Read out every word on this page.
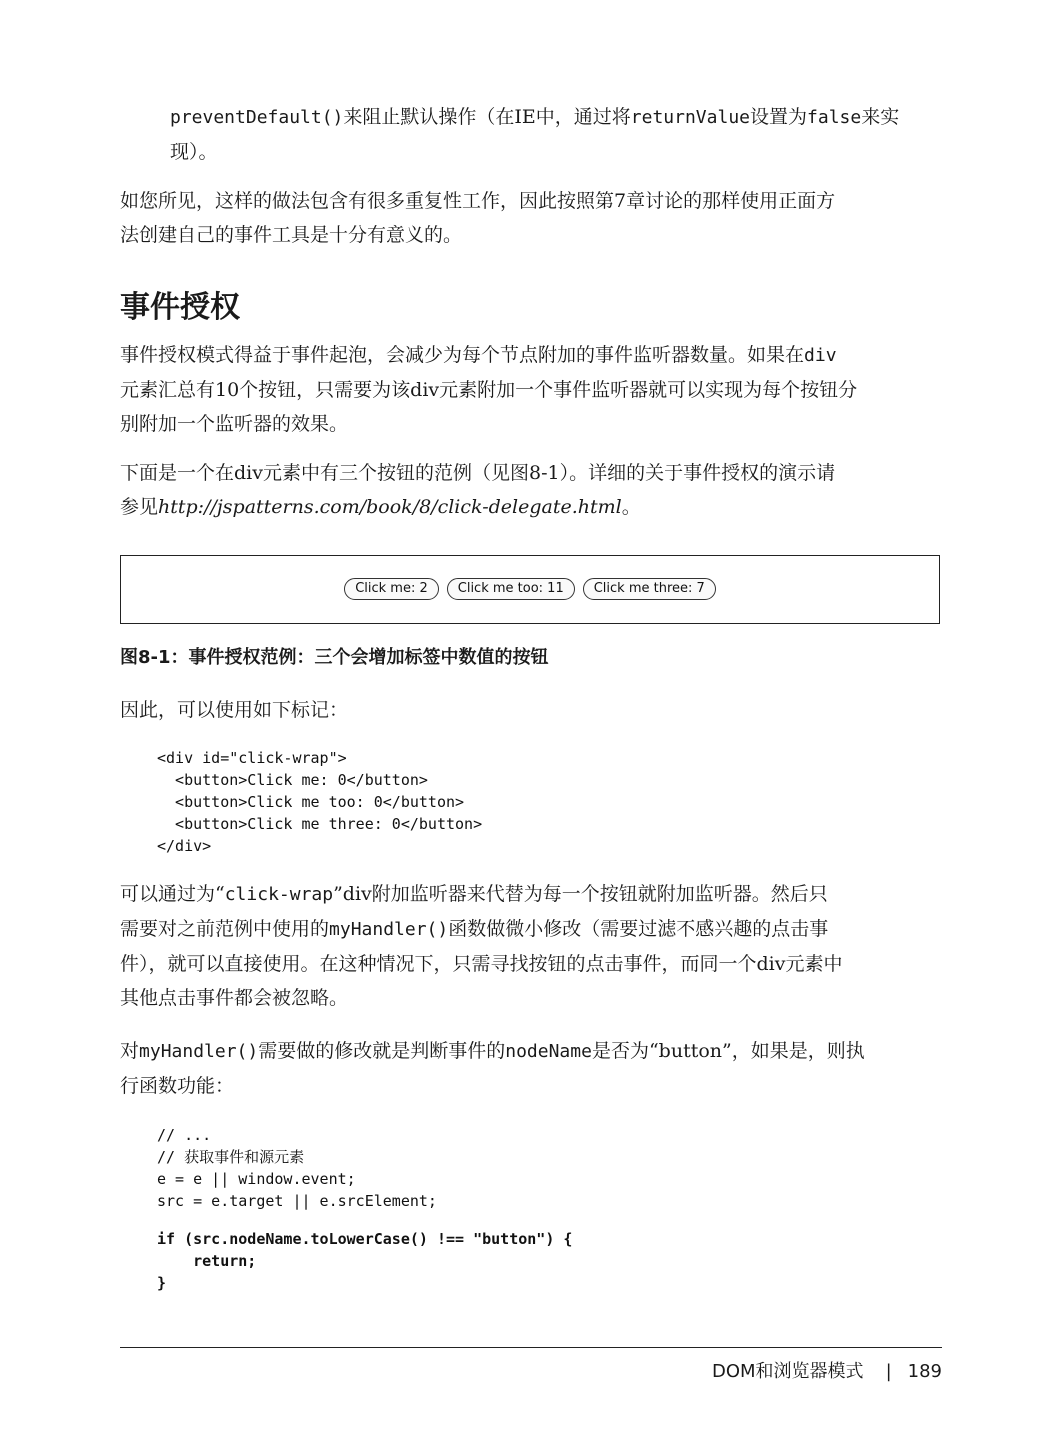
preventDefault()来阻止默认操作（在IE中，通过将returnValue设置为false来实
现）。
如您所见，这样的做法包含有很多重复性工作，因此按照第7章讨论的那样使用正面方
法创建自己的事件工具是十分有意义的。
事件授权
事件授权模式得益于事件起泡，会减少为每个节点附加的事件监听器数量。如果在div
元素汇总有10个按钮，只需要为该div元素附加一个事件监听器就可以实现为每个按钮分
别附加一个监听器的效果。
下面是一个在div元素中有三个按钮的范例（见图8-1）。详细的关于事件授权的演示请
参见http://jspatterns.com/book/8/click-delegate.html。
Click me: 2	Click me too: 11	Click me three: 7
图8-1：事件授权范例：三个会增加标签中数值的按钮
因此，可以使用如下标记：
<div id="click-wrap">
<button>Click me: 0</button>
<button>Click me too: 0</button>
<button>Click me three: 0</button>
</div>
可以通过为“click-wrap”div附加监听器来代替为每一个按钮就附加监听器。然后只
需要对之前范例中使用的myHandler()函数做微小修改（需要过滤不感兴趣的点击事
件），就可以直接使用。在这种情况下，只需寻找按钮的点击事件，而同一个div元素中
其他点击事件都会被忽略。
对myHandler()需要做的修改就是判断事件的nodeName是否为“button”，如果是，则执
行函数功能：
// ...
// 获取事件和源元素
e = e || window.event;
src = e.target || e.srcElement;
if (src.nodeName.toLowerCase() !== "button") {
return;
}
DOM和浏览器模式 | 189
